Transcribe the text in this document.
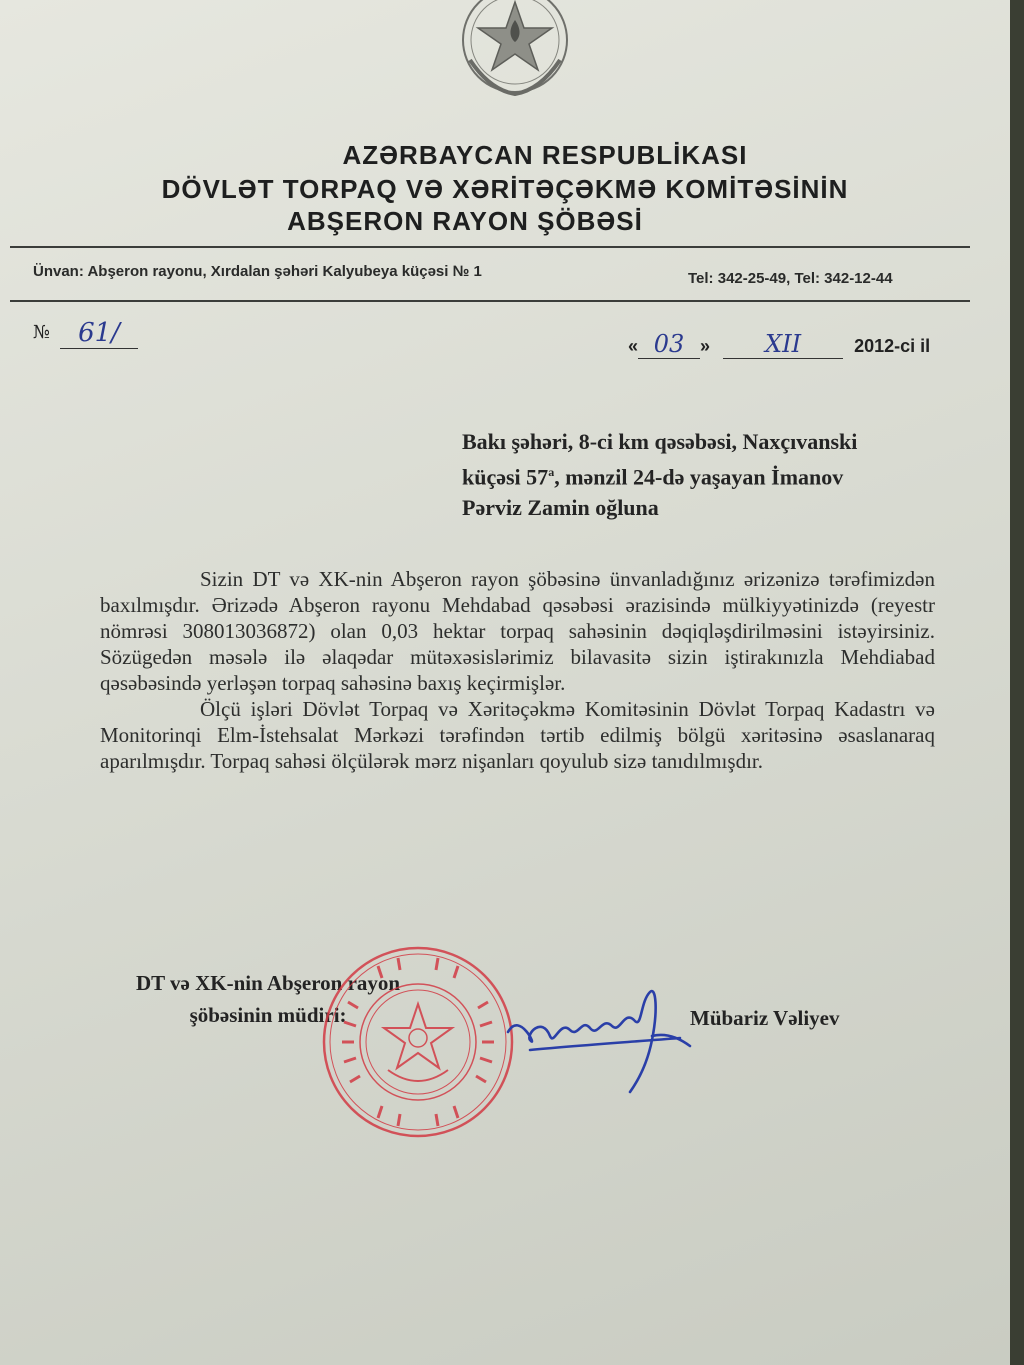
AZƏRBAYCAN RESPUBLİKASI
DÖVLƏT TORPAQ VƏ XƏRİTƏÇƏKMƏ KOMİTƏSİNİN
ABŞERON RAYON ŞÖBƏSİ
Ünvan: Abşeron rayonu, Xırdalan şəhəri Kalyubeya küçəsi № 1	Tel: 342-25-49, Tel: 342-12-44
№	61/	« 03 » XII	2012-ci il
Bakı şəhəri, 8-ci km qəsəbəsi, Naxçıvanski
küçəsi 57$^a$, mənzil 24-də yaşayan İmanov
Pərviz Zamin oğluna

Sizin DT və XK-nin Abşeron rayon şöbəsinə ünvanladığınız ərizənizə tərəfimizdən baxılmışdır. Ərizədə Abşeron rayonu Mehdabad qəsəbəsi ərazisində mülkiyyətinizdə (reyestr nömrəsi 308013036872) olan 0,03 hektar torpaq sahəsinin dəqiqləşdirilməsini istəyirsiniz. Sözügedən məsələ ilə əlaqədar mütəxəsislərimiz bilavasitə sizin iştirakınızla Mehdiabad qəsəbəsində yerləşən torpaq sahəsinə baxış keçirmişlər.

Ölçü işləri Dövlət Torpaq və Xəritəçəkmə Komitəsinin Dövlət Torpaq Kadastrı və Monitorinqi Elm-İstehsalat Mərkəzi tərəfindən tərtib edilmiş bölgü xəritəsinə əsaslanaraq aparılmışdır. Torpaq sahəsi ölçülərək mərz nişanları qoyulub sizə tanıdılmışdır.

DT və XK-nin Abşeron rayon
şöbəsinin müdiri:	Mübariz Vəliyev
